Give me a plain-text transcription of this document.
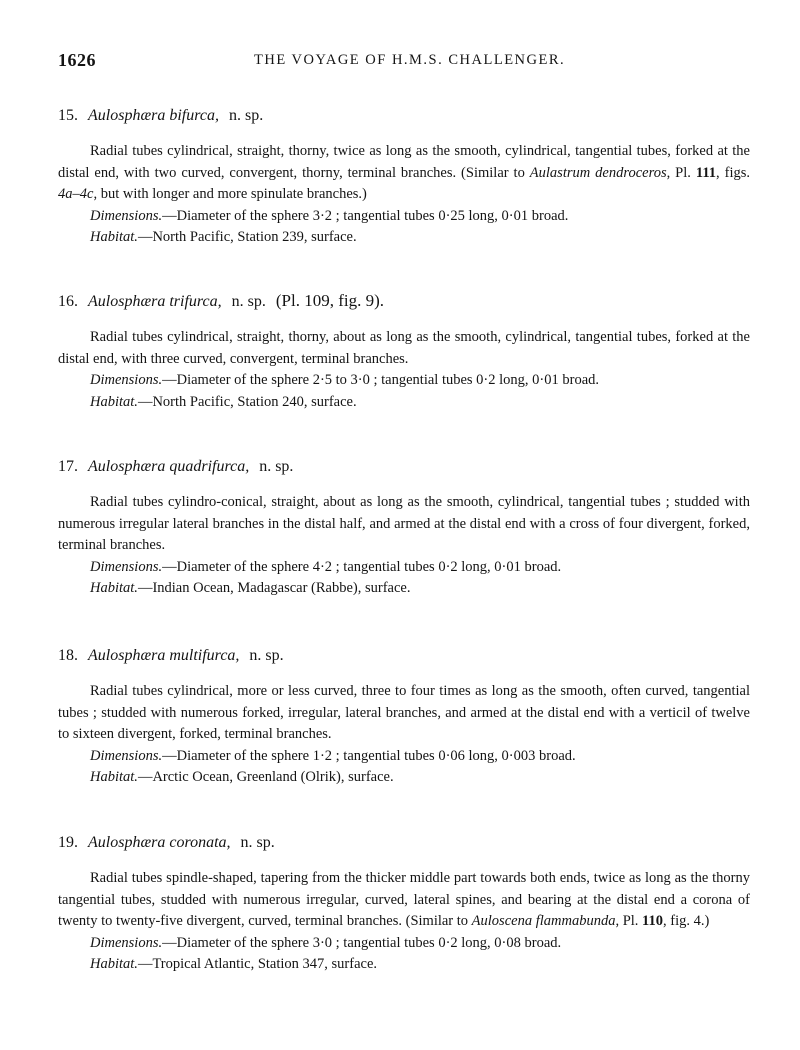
1626	THE VOYAGE OF H.M.S. CHALLENGER.

15. Aulosphæra bifurca, n. sp.

Radial tubes cylindrical, straight, thorny, twice as long as the smooth, cylindrical, tangential tubes, forked at the distal end, with two curved, convergent, thorny, terminal branches. (Similar to Aulastrum dendroceros, Pl. 111, figs. 4a–4c, but with longer and more spinulate branches.)

Dimensions.—Diameter of the sphere 3·2 ; tangential tubes 0·25 long, 0·01 broad.

Habitat.—North Pacific, Station 239, surface.

16. Aulosphæra trifurca, n. sp. (Pl. 109, fig. 9).

Radial tubes cylindrical, straight, thorny, about as long as the smooth, cylindrical, tangential tubes, forked at the distal end, with three curved, convergent, terminal branches.

Dimensions.—Diameter of the sphere 2·5 to 3·0 ; tangential tubes 0·2 long, 0·01 broad.

Habitat.—North Pacific, Station 240, surface.

17. Aulosphæra quadrifurca, n. sp.

Radial tubes cylindro-conical, straight, about as long as the smooth, cylindrical, tangential tubes ; studded with numerous irregular lateral branches in the distal half, and armed at the distal end with a cross of four divergent, forked, terminal branches.

Dimensions.—Diameter of the sphere 4·2 ; tangential tubes 0·2 long, 0·01 broad.

Habitat.—Indian Ocean, Madagascar (Rabbe), surface.

18. Aulosphæra multifurca, n. sp.

Radial tubes cylindrical, more or less curved, three to four times as long as the smooth, often curved, tangential tubes ; studded with numerous forked, irregular, lateral branches, and armed at the distal end with a verticil of twelve to sixteen divergent, forked, terminal branches.

Dimensions.—Diameter of the sphere 1·2 ; tangential tubes 0·06 long, 0·003 broad.

Habitat.—Arctic Ocean, Greenland (Olrik), surface.

19. Aulosphæra coronata, n. sp.

Radial tubes spindle-shaped, tapering from the thicker middle part towards both ends, twice as long as the thorny tangential tubes, studded with numerous irregular, curved, lateral spines, and bearing at the distal end a corona of twenty to twenty-five divergent, curved, terminal branches. (Similar to Auloscena flammabunda, Pl. 110, fig. 4.)

Dimensions.—Diameter of the sphere 3·0 ; tangential tubes 0·2 long, 0·08 broad.

Habitat.—Tropical Atlantic, Station 347, surface.
